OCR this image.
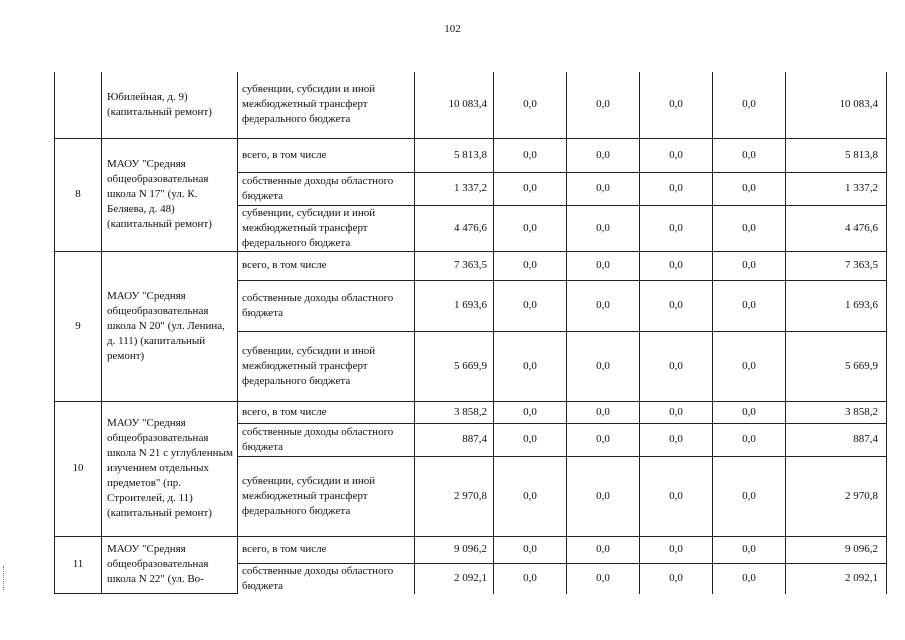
102
	Юбилейная, д. 9) (капитальный ремонт)	субвенции, субсидии и иной межбюджетный трансферт федерального бюджета	10 083,4	0,0	0,0	0,0	0,0	10 083,4
8	МАОУ "Средняя общеобразовательная школа N 17" (ул. К. Беляева, д. 48) (капитальный ремонт)	всего, в том числе	5 813,8	0,0	0,0	0,0	0,0	5 813,8
		собственные доходы областного бюджета	1 337,2	0,0	0,0	0,0	0,0	1 337,2
		субвенции, субсидии и иной межбюджетный трансферт федерального бюджета	4 476,6	0,0	0,0	0,0	0,0	4 476,6
9	МАОУ "Средняя общеобразовательная школа N 20" (ул. Ленина, д. 111) (капитальный ремонт)	всего, в том числе	7 363,5	0,0	0,0	0,0	0,0	7 363,5
		собственные доходы областного бюджета	1 693,6	0,0	0,0	0,0	0,0	1 693,6
		субвенции, субсидии и иной межбюджетный трансферт федерального бюджета	5 669,9	0,0	0,0	0,0	0,0	5 669,9
10	МАОУ "Средняя общеобразовательная школа N 21 с углубленным изучением отдельных предметов" (пр. Строителей, д. 11) (капитальный ремонт)	всего, в том числе	3 858,2	0,0	0,0	0,0	0,0	3 858,2
		собственные доходы областного бюджета	887,4	0,0	0,0	0,0	0,0	887,4
		субвенции, субсидии и иной межбюджетный трансферт федерального бюджета	2 970,8	0,0	0,0	0,0	0,0	2 970,8
11	МАОУ "Средняя общеобразовательная школа N 22" (ул. Во-	всего, в том числе	9 096,2	0,0	0,0	0,0	0,0	9 096,2
		собственные доходы областного бюджета	2 092,1	0,0	0,0	0,0	0,0	2 092,1
